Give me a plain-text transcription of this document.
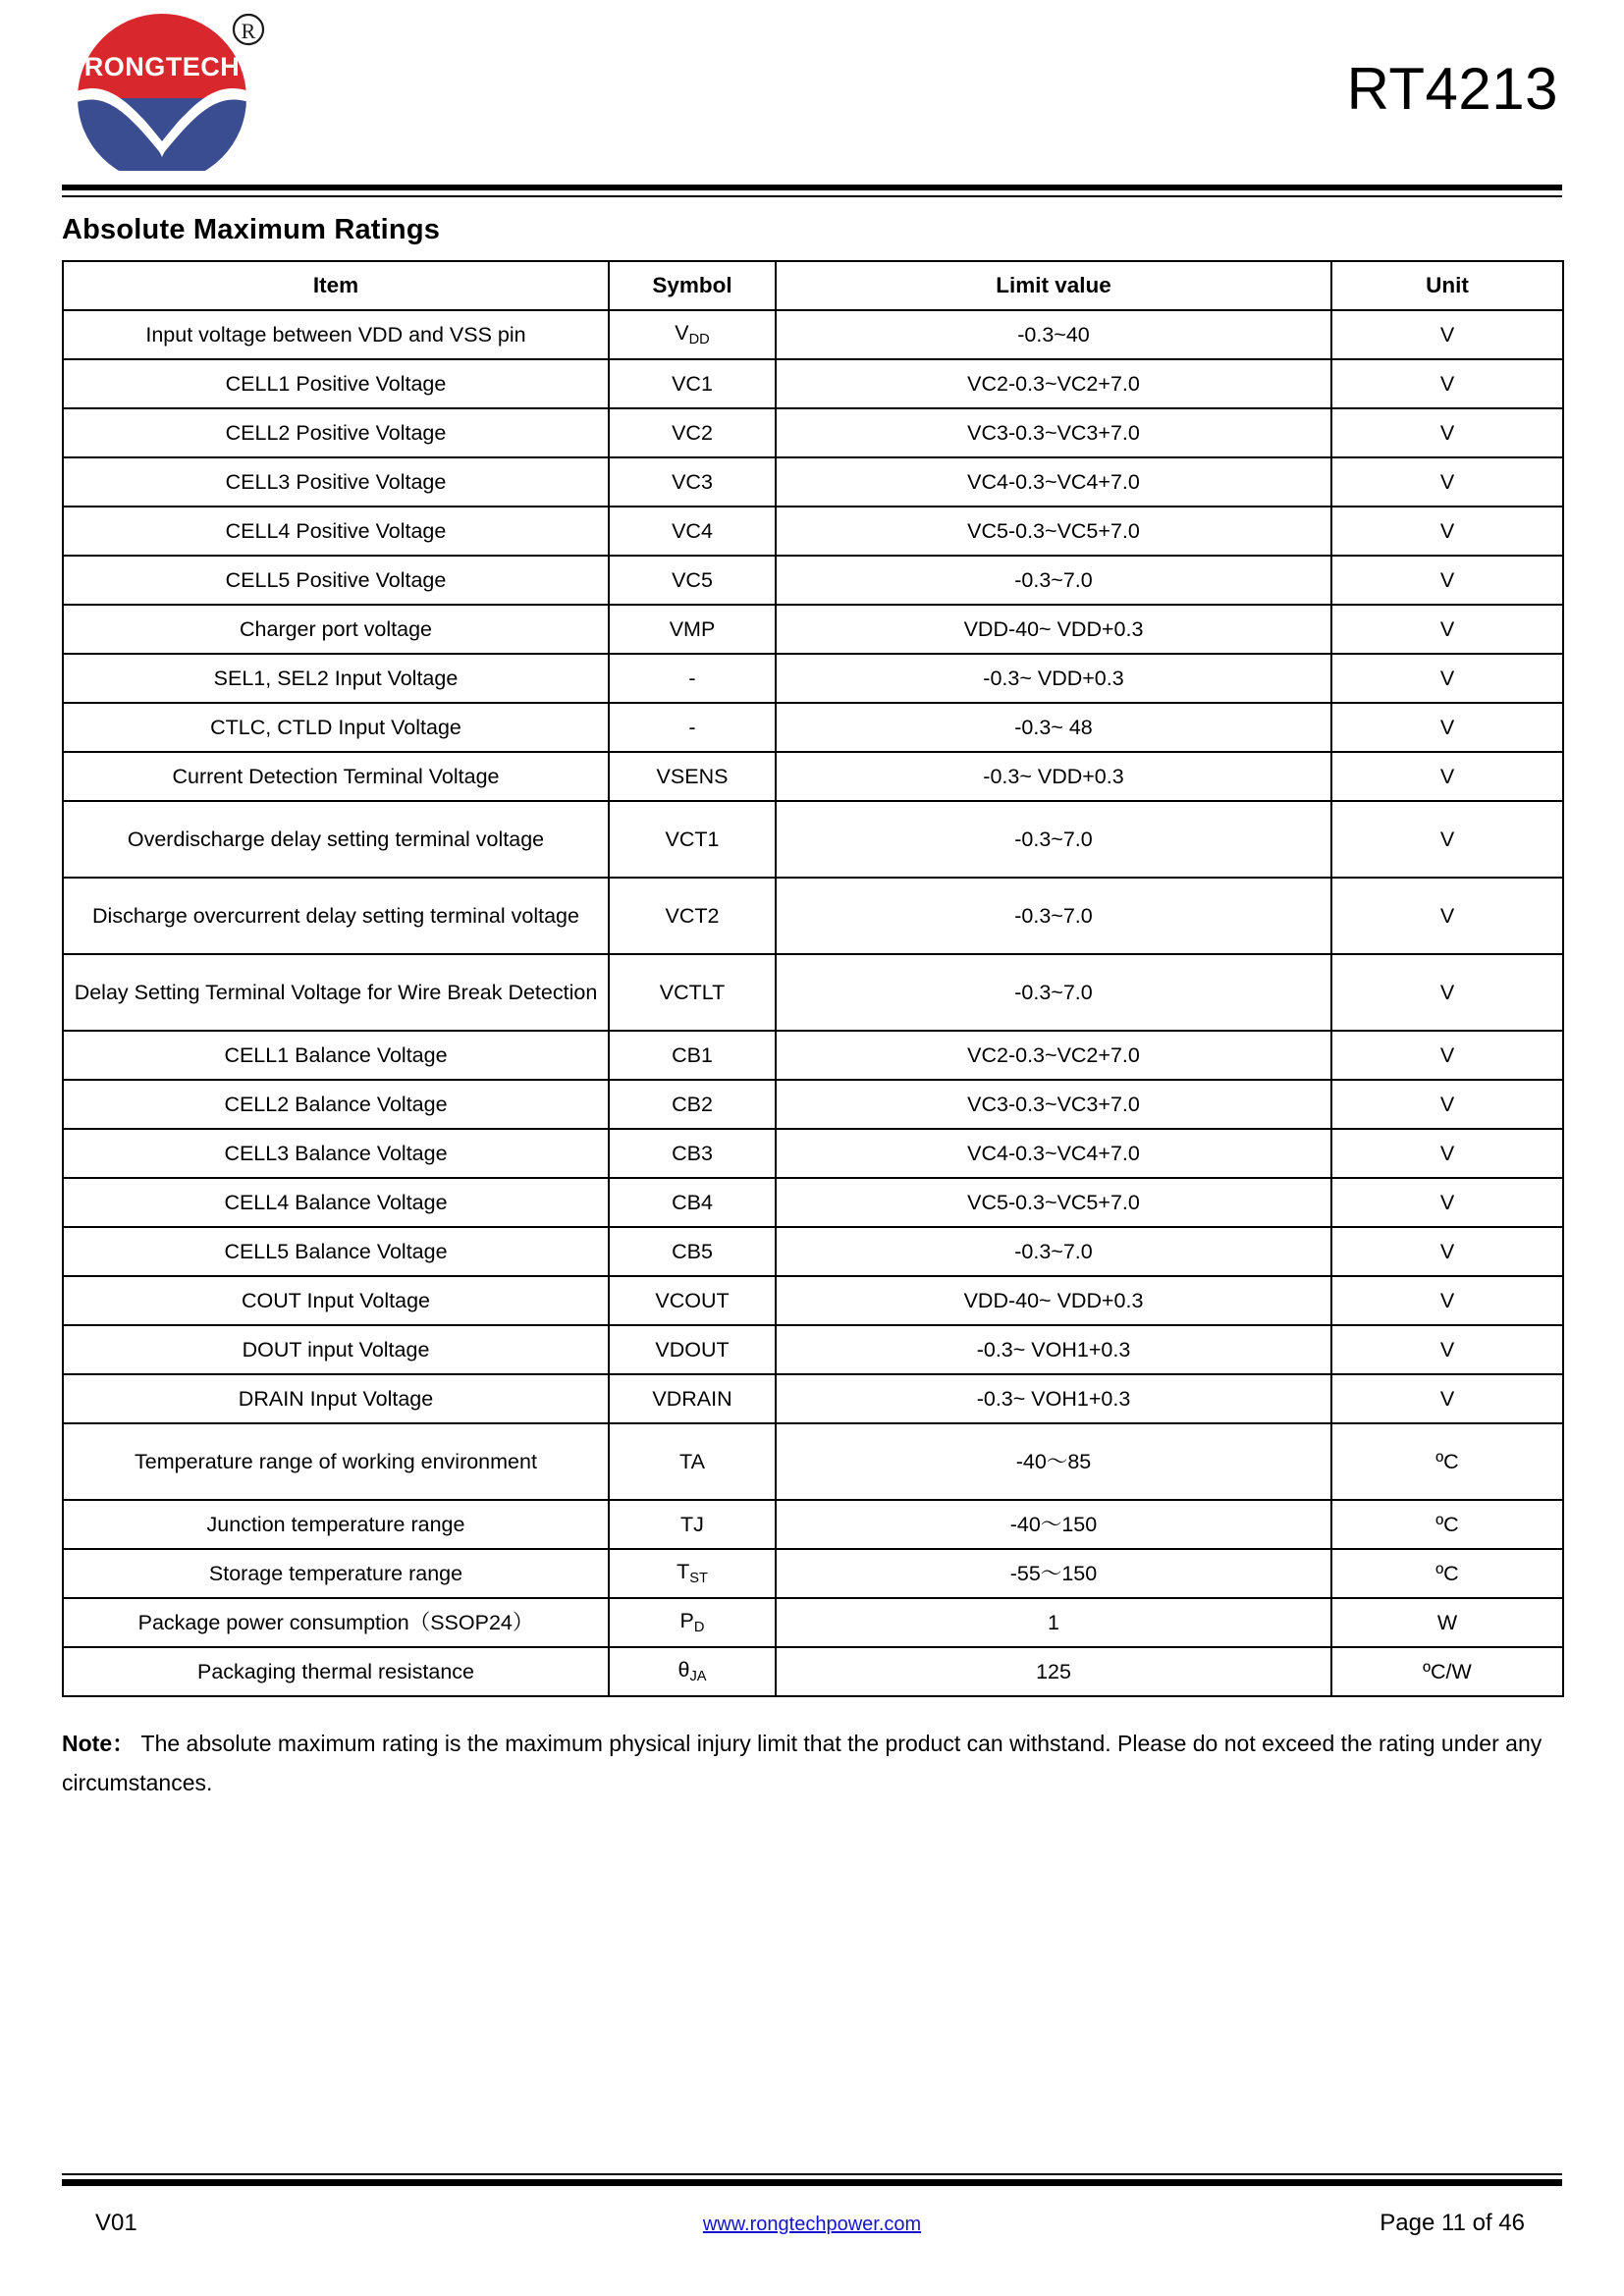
RONGTECH
R
RT4213
Absolute Maximum Ratings
Item	Symbol	Limit value	Unit
Input voltage between VDD and VSS pin	$V_{DD}$	-0.3~40	V
CELL1 Positive Voltage	VC1	VC2-0.3~VC2+7.0	V
CELL2 Positive Voltage	VC2	VC3-0.3~VC3+7.0	V
CELL3 Positive Voltage	VC3	VC4-0.3~VC4+7.0	V
CELL4 Positive Voltage	VC4	VC5-0.3~VC5+7.0	V
CELL5 Positive Voltage	VC5	-0.3~7.0	V
Charger port voltage	VMP	VDD-40~ VDD+0.3	V
SEL1, SEL2 Input Voltage	-	-0.3~ VDD+0.3	V
CTLC, CTLD Input Voltage	-	-0.3~ 48	V
Current Detection Terminal Voltage	VSENS	-0.3~ VDD+0.3	V
Overdischarge delay setting terminal voltage	VCT1	-0.3~7.0	V
Discharge overcurrent delay setting terminal voltage	VCT2	-0.3~7.0	V
Delay Setting Terminal Voltage for Wire Break Detection	VCTLT	-0.3~7.0	V
CELL1 Balance Voltage	CB1	VC2-0.3~VC2+7.0	V
CELL2 Balance Voltage	CB2	VC3-0.3~VC3+7.0	V
CELL3 Balance Voltage	CB3	VC4-0.3~VC4+7.0	V
CELL4 Balance Voltage	CB4	VC5-0.3~VC5+7.0	V
CELL5 Balance Voltage	CB5	-0.3~7.0	V
COUT Input Voltage	VCOUT	VDD-40~ VDD+0.3	V
DOUT input Voltage	VDOUT	-0.3~ VOH1+0.3	V
DRAIN Input Voltage	VDRAIN	-0.3~ VOH1+0.3	V
Temperature range of working environment	TA	-40～85	ºC
Junction temperature range	TJ	-40～150	ºC
Storage temperature range	$T_{ST}$	-55～150	ºC
Package power consumption（SSOP24）	$P_D$	1	W
Packaging thermal resistance	$\theta_{JA}$	125	ºC/W
Note： The absolute maximum rating is the maximum physical injury limit that the product can withstand. Please do not exceed the rating under any circumstances.
V01	www.rongtechpower.com	Page 11 of 46
